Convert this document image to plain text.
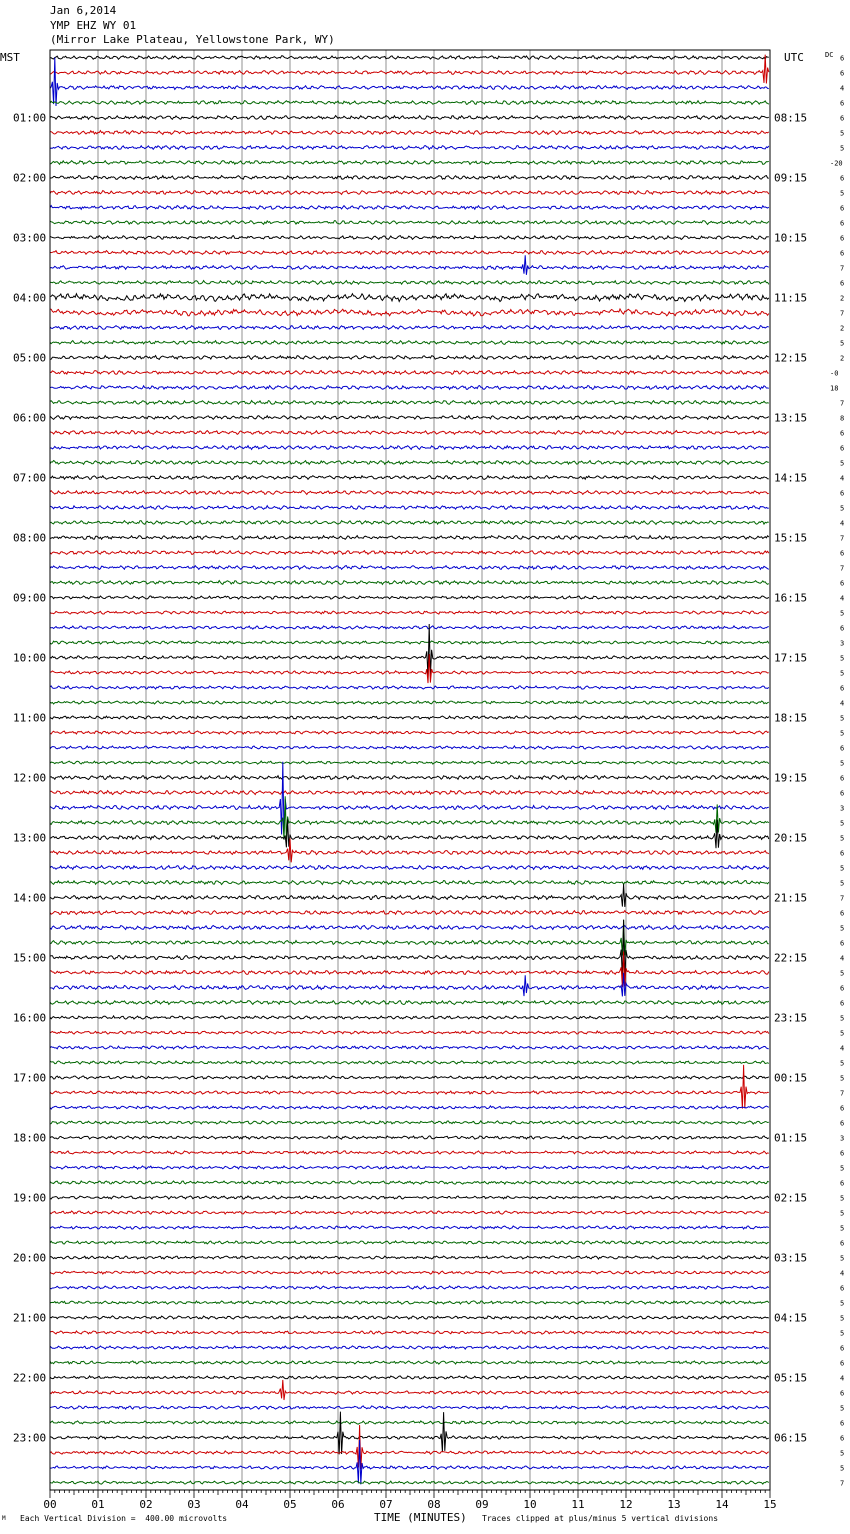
Jan 6,2014
YMP EHZ WY 01
(Mirror Lake Plateau, Yellowstone Park, WY)
MST	UTC	DC
01:00
02:00
03:00
04:00
05:00
06:00
07:00
08:00
09:00
10:00
11:00
12:00
13:00
14:00
15:00
16:00
17:00
18:00
19:00
20:00
21:00
22:00
23:00
08:15
09:15
10:15
11:15
12:15
13:15
14:15
15:15
16:15
17:15
18:15
19:15
20:15
21:15
22:15
23:15
00:15
01:15
02:15
03:15
04:15
05:15
06:15
6
6
4
6
6
5
5
-20
6
5
6
6
6
6
7
6
2
7
2
5
2
-0
18
7
8
6
6
5
4
6
5
4
7
6
7
6
4
5
6
3
5
5
6
4
5
5
6
5
6
6
3
5
5
6
5
5
7
6
5
6
4
5
6
6
5
5
4
5
5
7
6
6
3
6
5
6
5
5
5
6
5
4
6
5
5
5
6
6
4
6
5
6
6
5
5
7
00	01	02	03	04	05	06	07	08	09	10	11	12	13	14	15
M Each Vertical Division =  400.00 microvolts	TIME (MINUTES) Traces clipped at plus/minus 5 vertical divisions
